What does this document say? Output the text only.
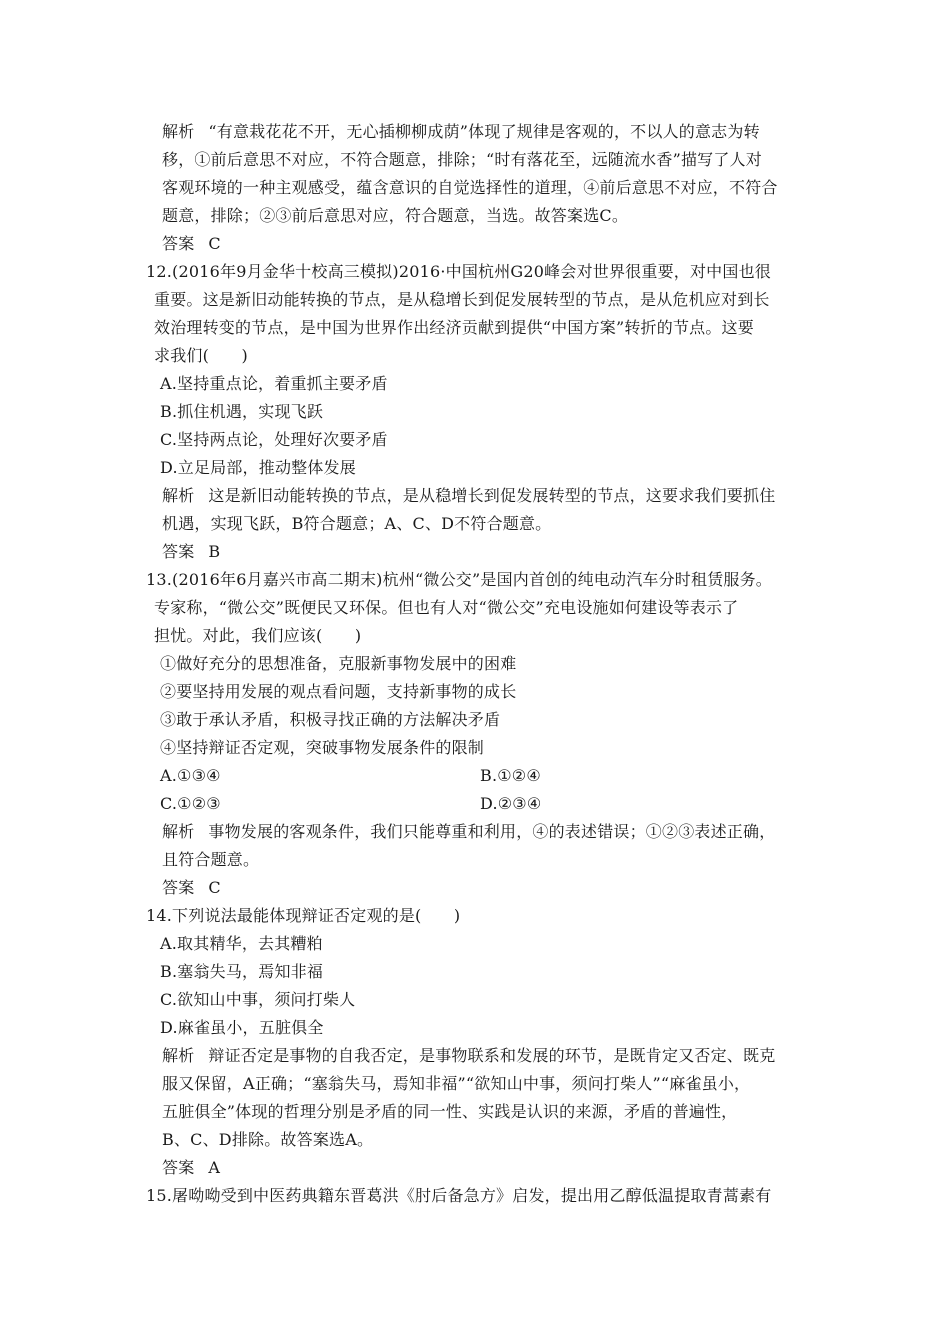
解析 “有意栽花花不开，无心插柳柳成荫”体现了规律是客观的，不以人的意志为转
移，①前后意思不对应，不符合题意，排除；“时有落花至，远随流水香”描写了人对
客观环境的一种主观感受，蕴含意识的自觉选择性的道理，④前后意思不对应，不符合
题意，排除；②③前后意思对应，符合题意，当选。故答案选C。
答案 C
12.(2016年9月金华十校高三模拟)2016·中国杭州G20峰会对世界很重要，对中国也很
重要。这是新旧动能转换的节点，是从稳增长到促发展转型的节点，是从危机应对到长
效治理转变的节点，是中国为世界作出经济贡献到提供“中国方案”转折的节点。这要
求我们(　　)
A.坚持重点论，着重抓主要矛盾
B.抓住机遇，实现飞跃
C.坚持两点论，处理好次要矛盾
D.立足局部，推动整体发展
解析 这是新旧动能转换的节点，是从稳增长到促发展转型的节点，这要求我们要抓住
机遇，实现飞跃，B符合题意；A、C、D不符合题意。
答案 B
13.(2016年6月嘉兴市高二期末)杭州“微公交”是国内首创的纯电动汽车分时租赁服务。
专家称，“微公交”既便民又环保。但也有人对“微公交”充电设施如何建设等表示了
担忧。对此，我们应该(　　)
①做好充分的思想准备，克服新事物发展中的困难
②要坚持用发展的观点看问题，支持新事物的成长
③敢于承认矛盾，积极寻找正确的方法解决矛盾
④坚持辩证否定观，突破事物发展条件的限制
A.①③④	B.①②④
C.①②③	D.②③④
解析 事物发展的客观条件，我们只能尊重和利用，④的表述错误；①②③表述正确，
且符合题意。
答案 C
14.下列说法最能体现辩证否定观的是(　　)
A.取其精华，去其糟粕
B.塞翁失马，焉知非福
C.欲知山中事，须问打柴人
D.麻雀虽小，五脏俱全
解析 辩证否定是事物的自我否定，是事物联系和发展的环节，是既肯定又否定、既克
服又保留，A正确；“塞翁失马，焉知非福”“欲知山中事，须问打柴人”“麻雀虽小，
五脏俱全”体现的哲理分别是矛盾的同一性、实践是认识的来源，矛盾的普遍性，
B、C、D排除。故答案选A。
答案 A
15.屠呦呦受到中医药典籍东晋葛洪《肘后备急方》启发，提出用乙醇低温提取青蒿素有
